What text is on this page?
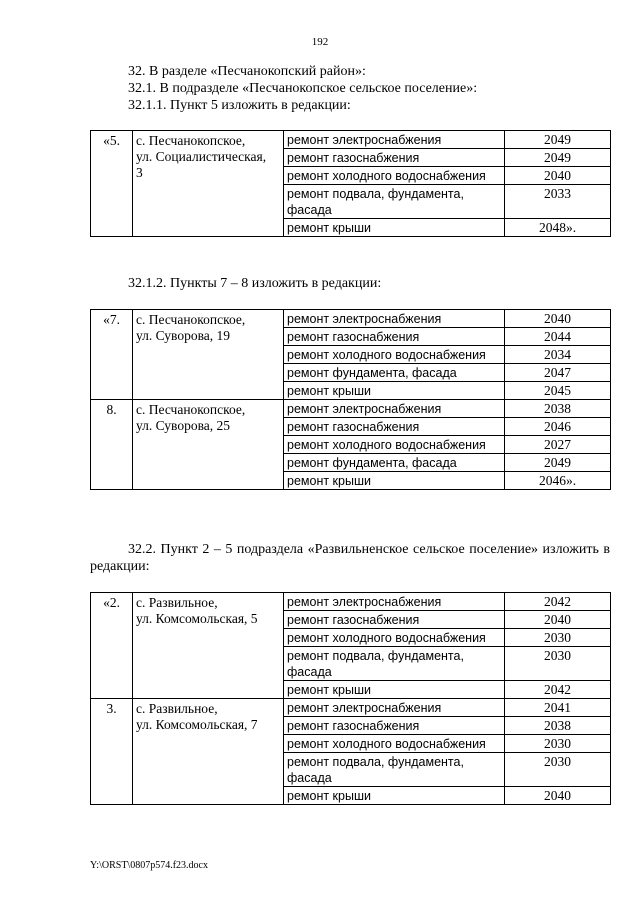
192
32. В разделе «Песчанокопский район»:
32.1. В подразделе «Песчанокопское сельское поселение»:
32.1.1. Пункт 5 изложить в редакции:
«5.	с. Песчанокопское,
ул. Социалистическая,
3	ремонт электроснабжения	2049

		ремонт газоснабжения	2049

		ремонт холодного водоснабжения	2040

		ремонт подвала, фундамента,
фасада	2033

		ремонт крыши	2048».
32.1.2. Пункты 7 – 8 изложить в редакции:
«7.	с. Песчанокопское,
ул. Суворова, 19	ремонт электроснабжения	2040

		ремонт газоснабжения	2044

		ремонт холодного водоснабжения	2034

		ремонт фундамента, фасада	2047

		ремонт крыши	2045
8.	с. Песчанокопское,
ул. Суворова, 25	ремонт электроснабжения	2038

		ремонт газоснабжения	2046

		ремонт холодного водоснабжения	2027

		ремонт фундамента, фасада	2049

		ремонт крыши	2046».
32.2. Пункт 2 – 5 подраздела «Развильненское сельское поселение» изложить в редакции:
«2.	с. Развильное,
ул. Комсомольская, 5	ремонт электроснабжения	2042

		ремонт газоснабжения	2040

		ремонт холодного водоснабжения	2030

		ремонт подвала, фундамента,
фасада	2030

		ремонт крыши	2042
3.	с. Развильное,
ул. Комсомольская, 7	ремонт электроснабжения	2041

		ремонт газоснабжения	2038

		ремонт холодного водоснабжения	2030

		ремонт подвала, фундамента,
фасада	2030

		ремонт крыши	2040
Y:\ORST\0807p574.f23.docx
